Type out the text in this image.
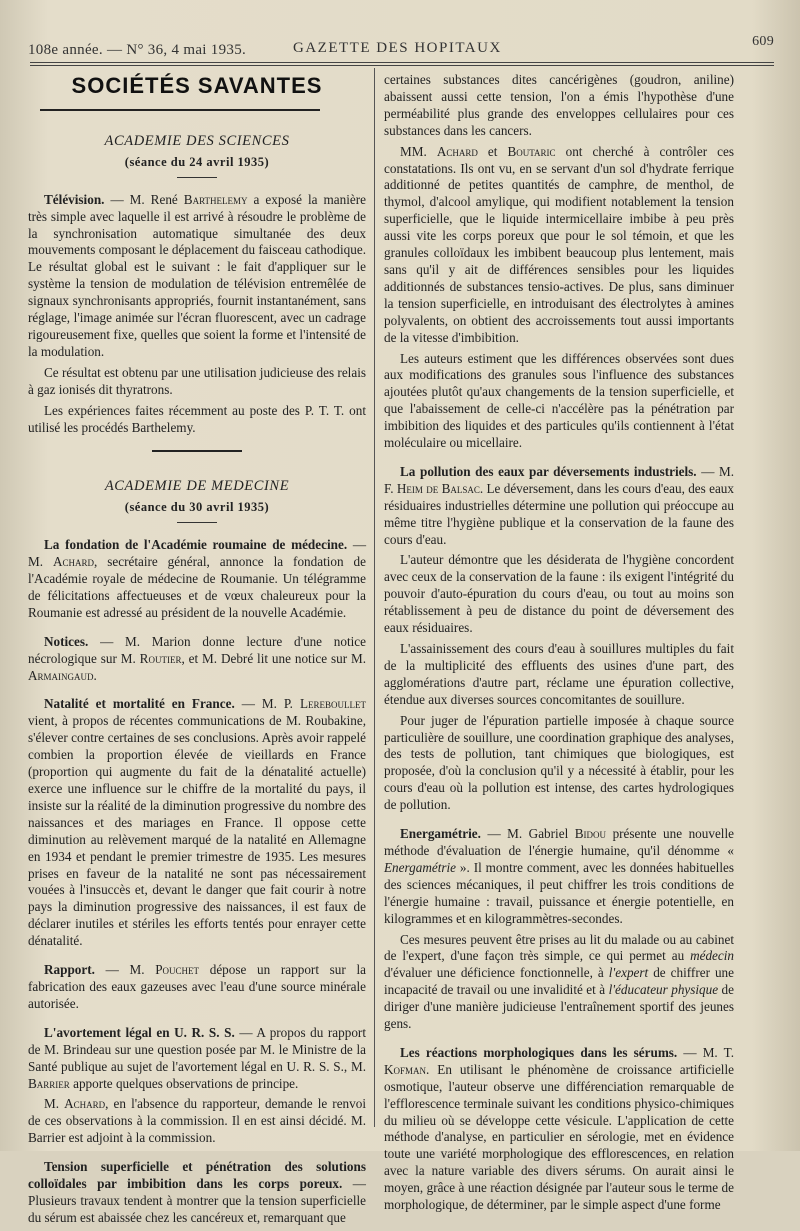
108e année. — N° 36, 4 mai 1935.	GAZETTE DES HOPITAUX	609
SOCIÉTÉS SAVANTES
ACADEMIE DES SCIENCES
(séance du 24 avril 1935)

Télévision. — M. René Barthelemy a exposé la manière très simple avec laquelle il est arrivé à résoudre le problème de la synchronisation automatique simultanée des deux mouvements composant le déplacement du faisceau cathodique. Le résultat global est le suivant : le fait d'appliquer sur le système la tension de modulation de télévision entremêlée de signaux synchronisants appropriés, fournit instantanément, sans réglage, l'image animée sur l'écran fluorescent, avec un cadrage rigoureusement fixe, quelles que soient la forme et l'intensité de la modulation.

Ce résultat est obtenu par une utilisation judicieuse des relais à gaz ionisés dit thyratrons.

Les expériences faites récemment au poste des P. T. T. ont utilisé les procédés Barthelemy.

ACADEMIE DE MEDECINE
(séance du 30 avril 1935)

La fondation de l'Académie roumaine de médecine. — M. Achard, secrétaire général, annonce la fondation de l'Académie royale de médecine de Roumanie. Un télégramme de félicitations affectueuses et de vœux chaleureux pour la Roumanie est adressé au président de la nouvelle Académie.

Notices. — M. Marion donne lecture d'une notice nécrologique sur M. Routier, et M. Debré lit une notice sur M. Armaingaud.

Natalité et mortalité en France. — M. P. Lereboullet vient, à propos de récentes communications de M. Roubakine, s'élever contre certaines de ses conclusions. Après avoir rappelé combien la proportion élevée de vieillards en France (proportion qui augmente du fait de la dénatalité actuelle) exerce une influence sur le chiffre de la mortalité du pays, il insiste sur la réalité de la diminution progressive du nombre des naissances et des mariages en France. Il oppose cette diminution au relèvement marqué de la natalité en Allemagne en 1934 et pendant le premier trimestre de 1935. Les mesures prises en faveur de la natalité ne sont pas nécessairement vouées à l'insuccès et, devant le danger que fait courir à notre pays la diminution progressive des naissances, il est faux de déclarer inutiles et stériles les efforts tentés pour enrayer cette dénatalité.

Rapport. — M. Pouchet dépose un rapport sur la fabrication des eaux gazeuses avec l'eau d'une source minérale autorisée.

L'avortement légal en U. R. S. S. — A propos du rapport de M. Brindeau sur une question posée par M. le Ministre de la Santé publique au sujet de l'avortement légal en U. R. S. S., M. Barrier apporte quelques observations de principe.

M. Achard, en l'absence du rapporteur, demande le renvoi de ces observations à la commission. Il en est ainsi décidé. M. Barrier est adjoint à la commission.

Tension superficielle et pénétration des solutions colloïdales par imbibition dans les corps poreux. — Plusieurs travaux tendent à montrer que la tension superficielle du sérum est abaissée chez les cancéreux et, remarquant que

certaines substances dites cancérigènes (goudron, aniline) abaissent aussi cette tension, l'on a émis l'hypothèse d'une perméabilité plus grande des enveloppes cellulaires pour ces substances dans les cancers.

MM. Achard et Boutaric ont cherché à contrôler ces constatations. Ils ont vu, en se servant d'un sol d'hydrate ferrique additionné de petites quantités de camphre, de menthol, de thymol, d'alcool amylique, qui modifient notablement la tension superficielle, que le liquide intermicellaire imbibe à peu près aussi vite les corps poreux que pour le sol témoin, et que les granules colloïdaux les imbibent beaucoup plus lentement, mais sans qu'il y ait de différences sensibles pour les liquides additionnés de substances tensio-actives. De plus, sans diminuer la tension superficielle, en introduisant des électrolytes à amines polyvalents, on obtient des accroissements tout aussi importants de la vitesse d'imbibition.

Les auteurs estiment que les différences observées sont dues aux modifications des granules sous l'influence des substances ajoutées plutôt qu'aux changements de la tension superficielle, et que l'abaissement de celle-ci n'accélère pas la pénétration par imbibition des liquides et des particules qu'ils contiennent à l'état moléculaire ou micellaire.

La pollution des eaux par déversements industriels. — M. F. Heim de Balsac. Le déversement, dans les cours d'eau, des eaux résiduaires industrielles détermine une pollution qui préoccupe au même titre l'hygiène publique et la conservation de la faune des cours d'eau.

L'auteur démontre que les désiderata de l'hygiène concordent avec ceux de la conservation de la faune : ils exigent l'intégrité du pouvoir d'auto-épuration du cours d'eau, ou tout au moins son rétablissement à peu de distance du point de déversement des eaux résiduaires.

L'assainissement des cours d'eau à souillures multiples du fait de la multiplicité des effluents des usines d'une part, des agglomérations d'autre part, réclame une épuration collective, étendue aux diverses sources concomitantes de souillure.

Pour juger de l'épuration partielle imposée à chaque source particulière de souillure, une coordination graphique des analyses, des tests de pollution, tant chimiques que biologiques, est proposée, d'où la conclusion qu'il y a nécessité à établir, pour les cours d'eau où la pollution est intense, des cartes hydrologiques de pollution.

Energamétrie. — M. Gabriel Bidou présente une nouvelle méthode d'évaluation de l'énergie humaine, qu'il dénomme « Energamétrie ». Il montre comment, avec les données habituelles des sciences mécaniques, il peut chiffrer les trois conditions de l'énergie humaine : travail, puissance et énergie potentielle, en kilogrammes et en kilogrammètres-secondes.

Ces mesures peuvent être prises au lit du malade ou au cabinet de l'expert, d'une façon très simple, ce qui permet au médecin d'évaluer une déficience fonctionnelle, à l'expert de chiffrer une incapacité de travail ou une invalidité et à l'éducateur physique de diriger d'une manière judicieuse l'entraînement sportif des jeunes gens.

Les réactions morphologiques dans les sérums. — M. T. Kofman. En utilisant le phénomène de croissance artificielle osmotique, l'auteur observe une différenciation remarquable de l'efflorescence terminale suivant les conditions physico-chimiques du milieu où se développe cette vésicule. L'application de cette méthode d'analyse, en particulier en sérologie, met en évidence toute une variété morphologique des efflorescences, en relation avec la nature variable des divers sérums. On aurait ainsi le moyen, grâce à une réaction désignée par l'auteur sous le terme de morphologique, de déterminer, par le simple aspect d'une forme
